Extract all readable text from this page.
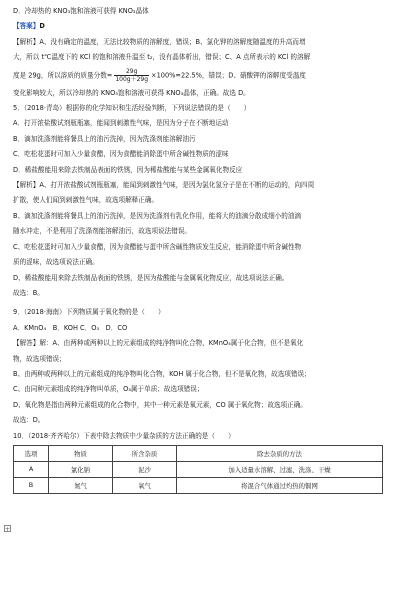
D．冷却热的 KNO₃饱和溶液可获得 KNO₃晶体

【答案】D

【解析】A、没有确定的温度，无法比较物质的溶解度，错误；B、氯化钾的溶解度随温度的升高而增

大，所以 t℃温度下的 KCl 的饱和溶液升温至 t₂，没有晶体析出，错误；C、A 点所表示的 KCl 的溶解

度是 29g，所以溶质的质量分数= $\frac{29g}{100g+29g} \times 100\%=22.5\%$，错误；D、硝酸钾的溶解度受温度

变化影响较大，所以冷却热的 KNO₃饱和溶液可获得 KNO₃晶体，正确。故选 D。

5．（2018·青岛）根据你的化学知识和生活经验判断，下列说法错误的是（　　）

A．打开浓盐酸试剂瓶瓶塞，能闻到刺激性气味，是因为分子在不断地运动

B．滴加洗涤剂能将餐具上的油污洗掉，因为洗涤剂能溶解油污

C．吃松花蛋时可加入少量食醋，因为食醋能消除蛋中所含碱性物质的涩味

D．稀盐酸能用来除去铁制品表面的铁锈，因为稀盐酸能与某些金属氧化物反应

【解析】A、打开浓盐酸试剂瓶瓶塞，能闻到刺激性气味，是因为氯化氢分子是在不断的运动的，向四周

扩散，使人们闻到刺激性气味，故选项解释正确。

B、滴加洗涤剂能将餐具上的油污洗掉，是因为洗涤剂有乳化作用，能将大的油滴分散成细小的油滴

随水冲走，不是利用了洗涤剂能溶解油污，故选项说法错误。

C、吃松花蛋时可加入少量食醋，因为食醋能与蛋中所含碱性物质发生反应，能消除蛋中所含碱性物

质的涩味，故选项说法正确。

D、稀盐酸能用来除去铁制品表面的铁锈，是因为盐酸能与金属氧化物反应，故选项说法正确。

故选：B。

9．（2018·海南）下列物质属于氧化物的是（　　）

A．KMnO₄　B．KOH C．O₃　D．CO

【解答】解：A、由两种或两种以上的元素组成的纯净物叫化合物，KMnO₄属于化合物，但不是氧化

物，故选项错误；

B、由两种或两种以上的元素组成的纯净物叫化合物，KOH 属于化合物，但不是氧化物，故选项错误；

C、由同种元素组成的纯净物叫单质，O₃属于单质；故选项错误；

D、氧化物是指由两种元素组成的化合物中，其中一种元素是氧元素，CO 属于氧化物；故选项正确。

故选：D。

10．（2018·齐齐哈尔）下表中除去物质中少量杂质的方法正确的是（　　）

选项	物质	所含杂质	除去杂质的方法
A	氯化钠	泥沙	加入适量水溶解、过滤、洗涤、干燥
B	氮气	氧气	将混合气体通过灼热的铜网
+
